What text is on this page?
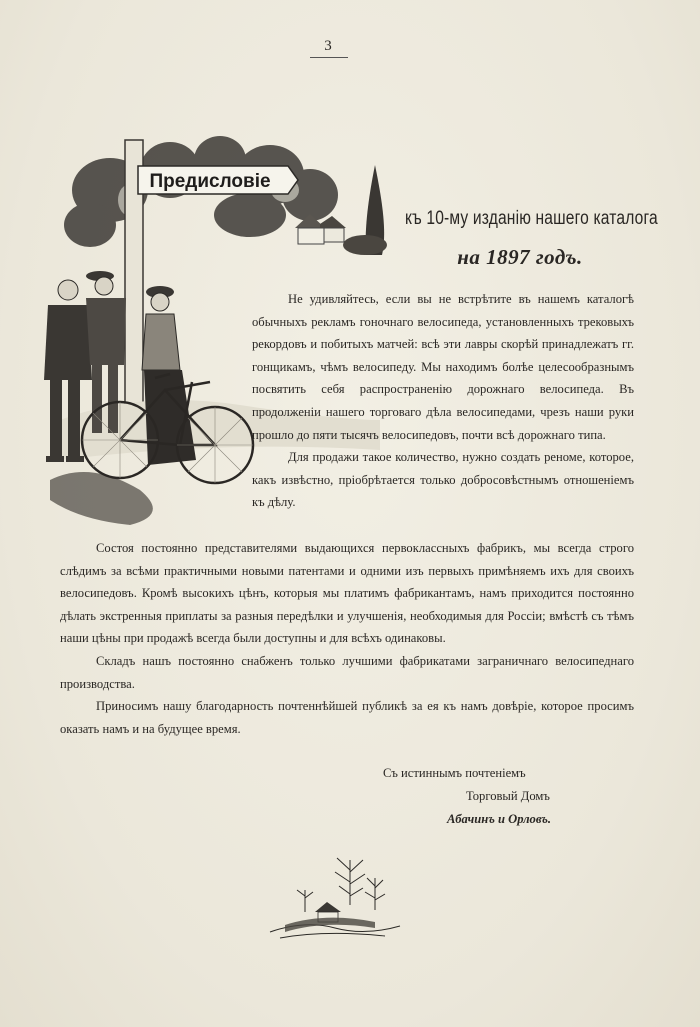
3
Предисловіе
къ 10-му изданію нашего каталога
на 1897 годъ.

Не удивляйтесь, если вы не встрѣтите въ нашемъ каталогѣ обычныхъ рекламъ гоночнаго велосипеда, установленныхъ трековыхъ рекордовъ и побитыхъ матчей: всѣ эти лавры скорѣй принадлежатъ гг. гонщикамъ, чѣмъ велосипеду. Мы находимъ болѣе целесообразнымъ посвятить себя распространенію дорожнаго велосипеда. Въ продолженіи нашего торговаго дѣла велосипедами, чрезъ наши руки прошло до пяти тысячъ велосипедовъ, почти всѣ дорожнаго типа.

Для продажи такое количество, нужно создать реноме, которое, какъ извѣстно, пріобрѣтается только добросовѣстнымъ отношеніемъ къ дѣлу.

Состоя постоянно представителями выдающихся первоклассныхъ фабрикъ, мы всегда строго слѣдимъ за всѣми практичными новыми патентами и одними изъ первыхъ примѣняемъ ихъ для своихъ велосипедовъ. Кромѣ высокихъ цѣнъ, которыя мы платимъ фабрикантамъ, намъ приходится постоянно дѣлать экстренныя приплаты за разныя передѣлки и улучшенія, необходимыя для Россіи; вмѣстѣ съ тѣмъ наши цѣны при продажѣ всегда были доступны и для всѣхъ одинаковы.

Складъ нашъ постоянно снабженъ только лучшими фабрикатами заграничнаго велосипеднаго производства.

Приносимъ нашу благодарность почтеннѣйшей публикѣ за ея къ намъ довѣріе, которое просимъ оказать намъ и на будущее время.

Съ истиннымъ почтеніемъ
Торговый Домъ
Абачинъ и Орловъ.
